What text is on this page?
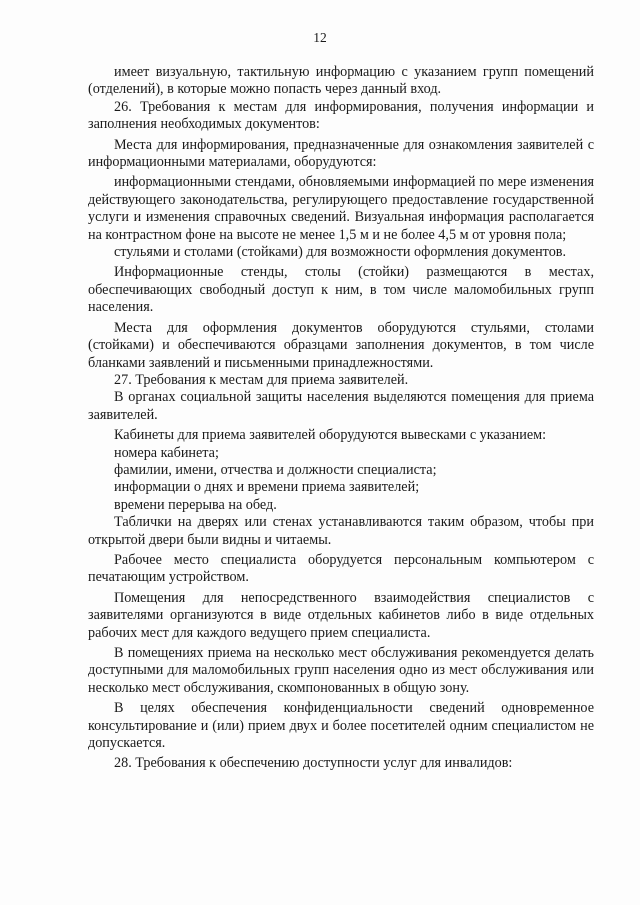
12

имеет визуальную, тактильную информацию с указанием групп помещений (отделений), в которые можно попасть через данный вход.

26. Требования к местам для информирования, получения информации и заполнения необходимых документов:

Места для информирования, предназначенные для ознакомления заявителей с информационными материалами, оборудуются:

информационными стендами, обновляемыми информацией по мере изменения действующего законодательства, регулирующего предоставление государственной услуги и изменения справочных сведений. Визуальная информация располагается на контрастном фоне на высоте не менее 1,5 м и не более 4,5 м от уровня пола;

стульями и столами (стойками) для возможности оформления документов.

Информационные стенды, столы (стойки) размещаются в местах, обеспечивающих свободный доступ к ним, в том числе маломобильных групп населения.

Места для оформления документов оборудуются стульями, столами (стойками) и обеспечиваются образцами заполнения документов, в том числе бланками заявлений и письменными принадлежностями.

27. Требования к местам для приема заявителей.

В органах социальной защиты населения выделяются помещения для приема заявителей.

Кабинеты для приема заявителей оборудуются вывесками с указанием:

номера кабинета;

фамилии, имени, отчества и должности специалиста;

информации о днях и времени приема заявителей;

времени перерыва на обед.

Таблички на дверях или стенах устанавливаются таким образом, чтобы при открытой двери были видны и читаемы.

Рабочее место специалиста оборудуется персональным компьютером с печатающим устройством.

Помещения для непосредственного взаимодействия специалистов с заявителями организуются в виде отдельных кабинетов либо в виде отдельных рабочих мест для каждого ведущего прием специалиста.

В помещениях приема на несколько мест обслуживания рекомендуется делать доступными для маломобильных групп населения одно из мест обслуживания или несколько мест обслуживания, скомпонованных в общую зону.

В целях обеспечения конфиденциальности сведений одновременное консультирование и (или) прием двух и более посетителей одним специалистом не допускается.

28. Требования к обеспечению доступности услуг для инвалидов:
